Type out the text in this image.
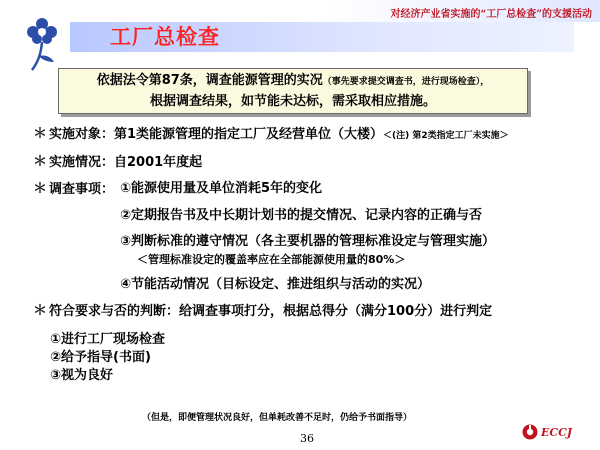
对经济产业省实施的“工厂总检查”的支援活动
工厂总检查
依据法令第87条，调查能源管理的实况（事先要求提交调查书，进行现场检查），
根据调查结果，如节能未达标，需采取相应措施。
＊ 实施对象：第1类能源管理的指定工厂及经营单位（大楼）＜(注) 第2类指定工厂未实施＞
＊ 实施情况：自2001年度起
＊ 调查事项： ①能源使用量及单位消耗5年的变化
②定期报告书及中长期计划书的提交情况、记录内容的正确与否
③判断标准的遵守情况（各主要机器的管理标准设定与管理实施）
＜管理标准设定的覆盖率应在全部能源使用量的80%＞
④节能活动情况（目标设定、推进组织与活动的实况）
＊ 符合要求与否的判断：给调查事项打分，根据总得分（满分100分）进行判定
①进行工厂现场检查
②给予指导(书面)
③视为良好
（但是，即便管理状况良好，但单耗改善不足时，仍给予书面指导）
36	ECCJ
